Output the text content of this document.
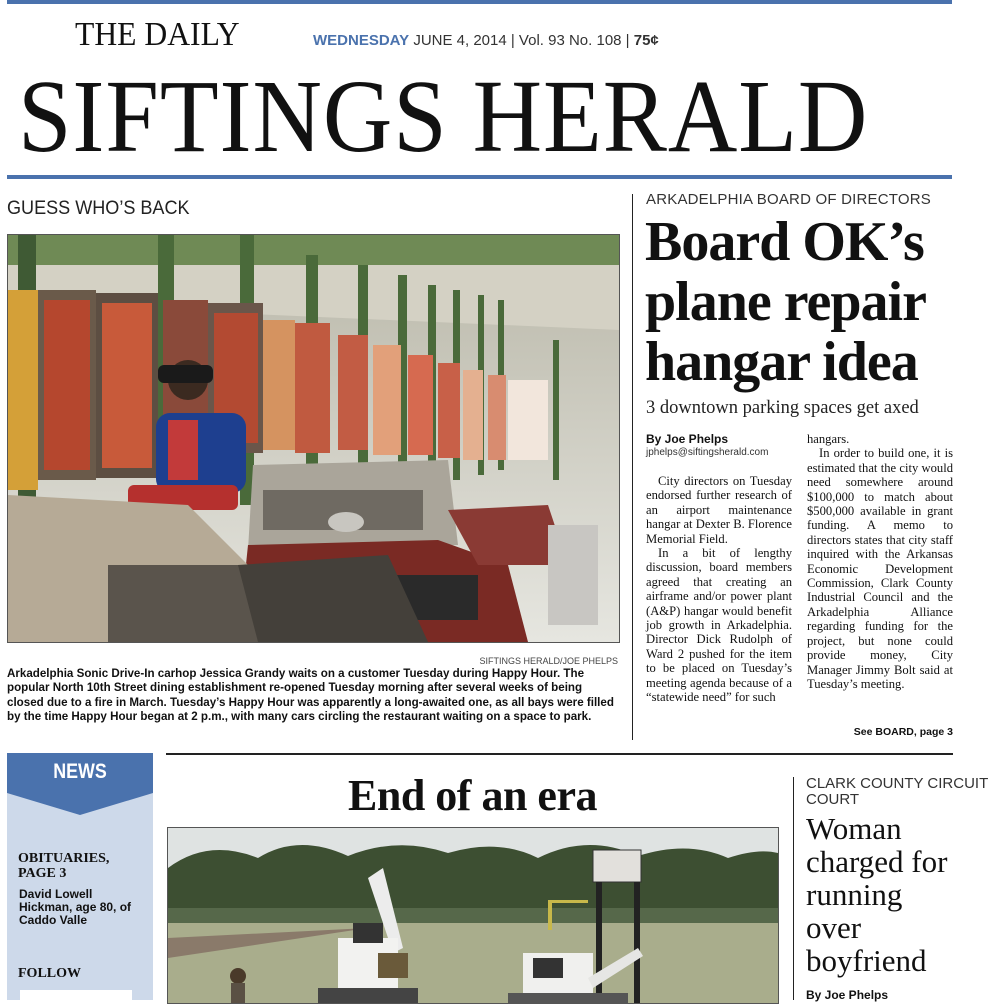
THE DAILY	WEDNESDAY JUNE 4, 2014 | Vol. 93 No. 108 | 75¢
SIFTINGS HERALD
GUESS WHO’S BACK
SIFTINGS HERALD/JOE PHELPS
Arkadelphia Sonic Drive-In carhop Jessica Grandy waits on a customer Tuesday during Happy Hour. The popular North 10th Street dining establishment re-opened Tuesday morning after several weeks of being closed due to a fire in March. Tuesday’s Happy Hour was apparently a long-awaited one, as all bays were filled by the time Happy Hour began at 2 p.m., with many cars circling the restaurant waiting on a space to park.
ARKADELPHIA BOARD OF DIRECTORS
Board OK’s plane repair hangar idea
3 downtown parking spaces get axed
By Joe Phelps
jphelps@siftingsherald.com

City directors on Tuesday endorsed further research of an airport maintenance hangar at Dexter B. Florence Memorial Field.

In a bit of lengthy discussion, board members agreed that creating an airframe and/or power plant (A&P) hangar would benefit job growth in Arkadelphia. Director Dick Rudolph of Ward 2 pushed for the item to be placed on Tuesday’s meeting agenda because of a “statewide need” for such

hangars.

In order to build one, it is estimated that the city would need somewhere around $100,000 to match about $500,000 available in grant funding. A memo to directors states that city staff inquired with the Arkansas Economic Development Commission, Clark County Industrial Council and the Arkadelphia Alliance regarding funding for the project, but none could provide money, City Manager Jimmy Bolt said at Tuesday’s meeting.

See BOARD, page 3
NEWS
OBITUARIES, PAGE 3
David Lowell Hickman, age 80, of Caddo Valle
FOLLOW
End of an era	CLARK COUNTY CIRCUIT COURT
Woman charged for running over boyfriend
By Joe Phelps
